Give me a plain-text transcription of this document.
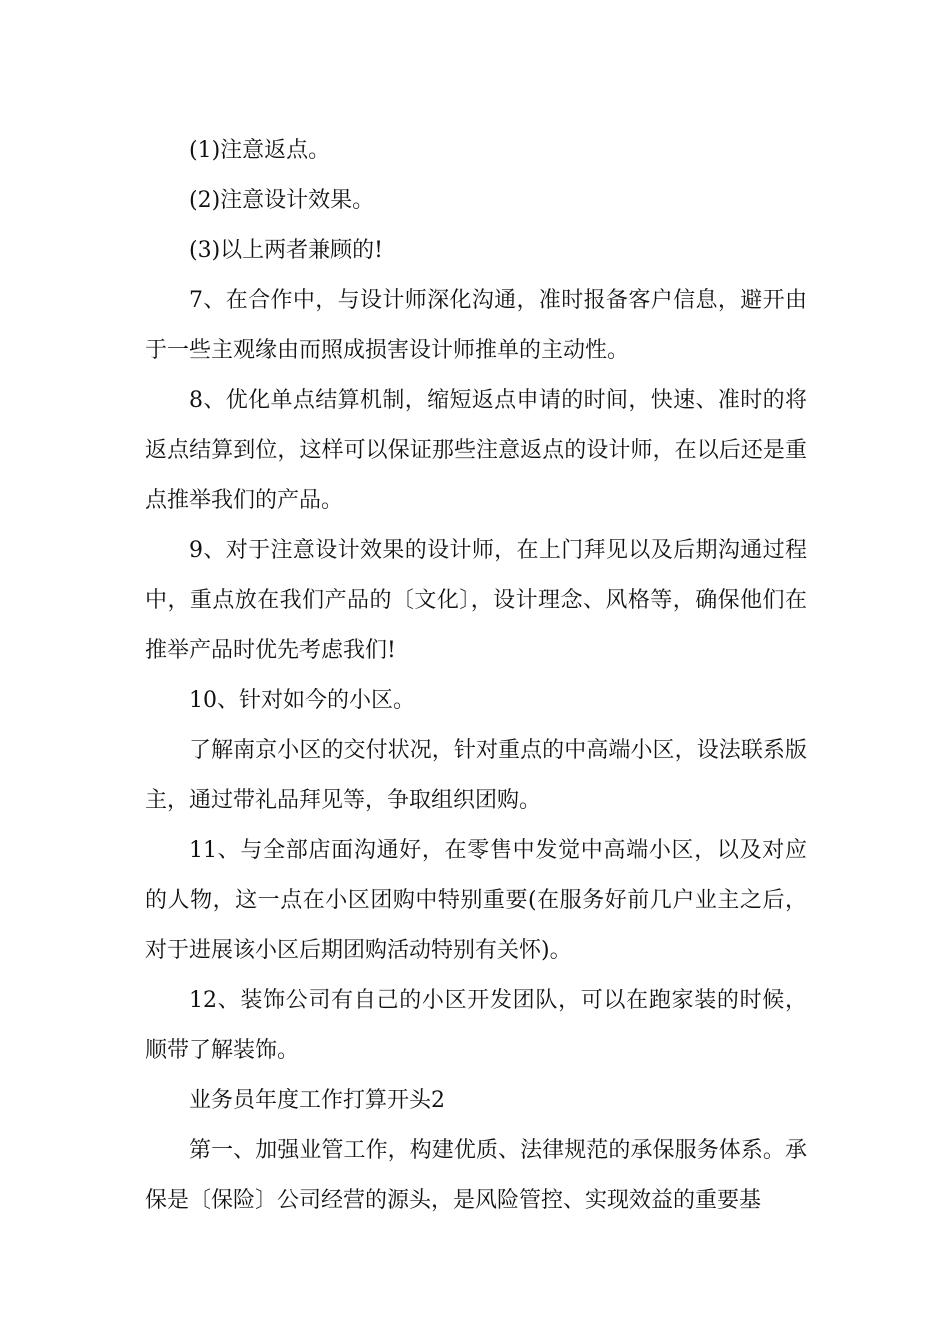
(1)注意返点。

(2)注意设计效果。

(3)以上两者兼顾的!

7、在合作中，与设计师深化沟通，准时报备客户信息，避开由于一些主观缘由而照成损害设计师推单的主动性。

8、优化单点结算机制，缩短返点申请的时间，快速、准时的将返点结算到位，这样可以保证那些注意返点的设计师，在以后还是重点推举我们的产品。

9、对于注意设计效果的设计师，在上门拜见以及后期沟通过程中，重点放在我们产品的〔文化〕，设计理念、风格等，确保他们在推举产品时优先考虑我们!

10、针对如今的小区。

了解南京小区的交付状况，针对重点的中高端小区，设法联系版主，通过带礼品拜见等，争取组织团购。

11、与全部店面沟通好，在零售中发觉中高端小区，以及对应的人物，这一点在小区团购中特别重要(在服务好前几户业主之后，对于进展该小区后期团购活动特别有关怀)。

12、装饰公司有自己的小区开发团队，可以在跑家装的时候，顺带了解装饰。

业务员年度工作打算开头2

第一、加强业管工作，构建优质、法律规范的承保服务体系。承保是〔保险〕公司经营的源头，是风险管控、实现效益的重要基
